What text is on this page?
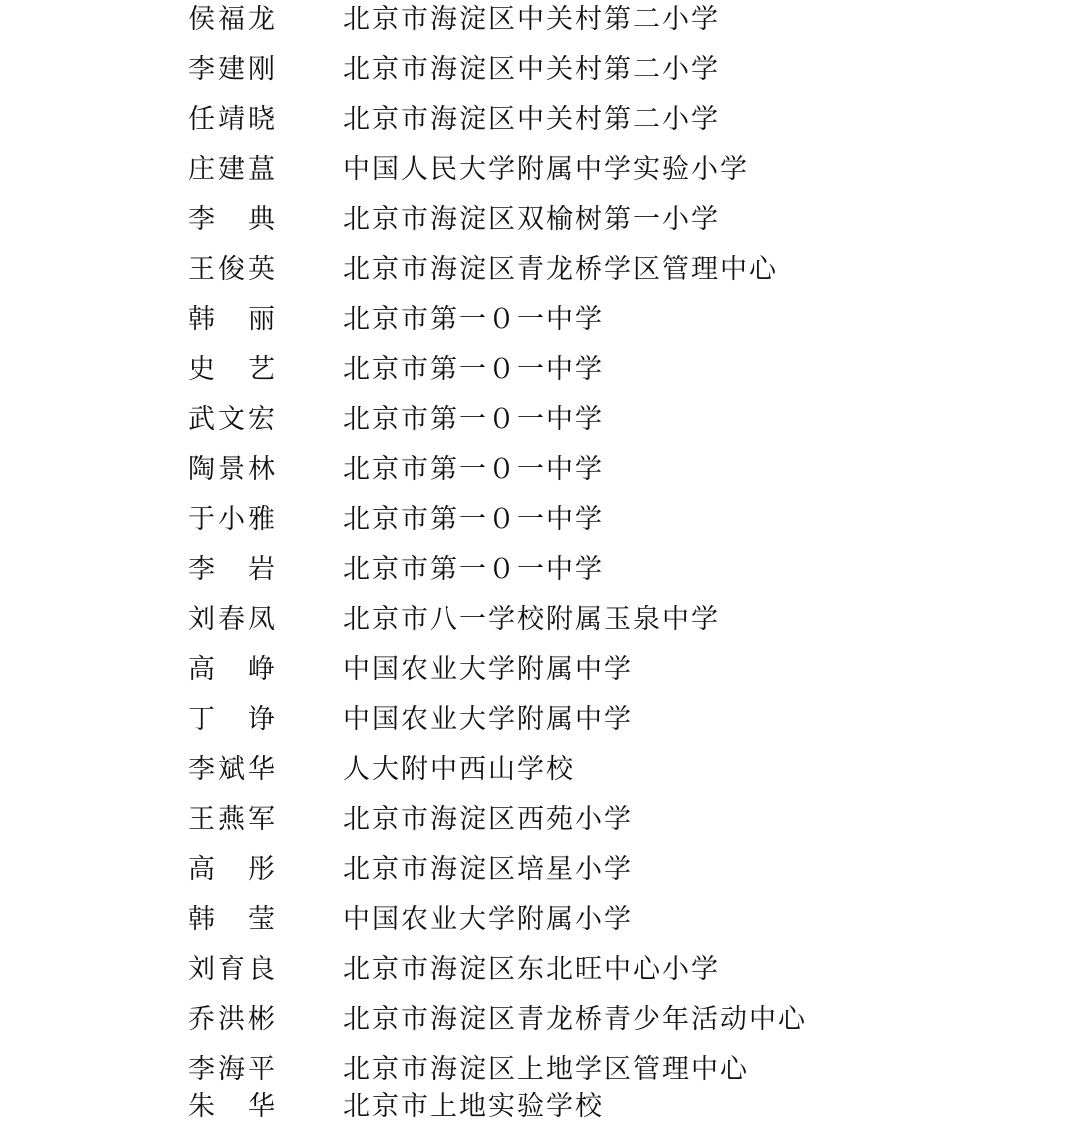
侯福龙 北京市海淀区中关村第二小学
李建刚 北京市海淀区中关村第二小学
任靖晓 北京市海淀区中关村第二小学
庄建蒀 中国人民大学附属中学实验小学
李　典 北京市海淀区双榆树第一小学
王俊英 北京市海淀区青龙桥学区管理中心
韩　丽 北京市第一０一中学
史　艺 北京市第一０一中学
武文宏 北京市第一０一中学
陶景林 北京市第一０一中学
于小雅 北京市第一０一中学
李　岩 北京市第一０一中学
刘春凤 北京市八一学校附属玉泉中学
高　峥 中国农业大学附属中学
丁　诤 中国农业大学附属中学
李斌华 人大附中西山学校
王燕军 北京市海淀区西苑小学
高　彤 北京市海淀区培星小学
韩　莹 中国农业大学附属小学
刘育良 北京市海淀区东北旺中心小学
乔洪彬 北京市海淀区青龙桥青少年活动中心
李海平 北京市海淀区上地学区管理中心
朱　华 北京市上地实验学校
